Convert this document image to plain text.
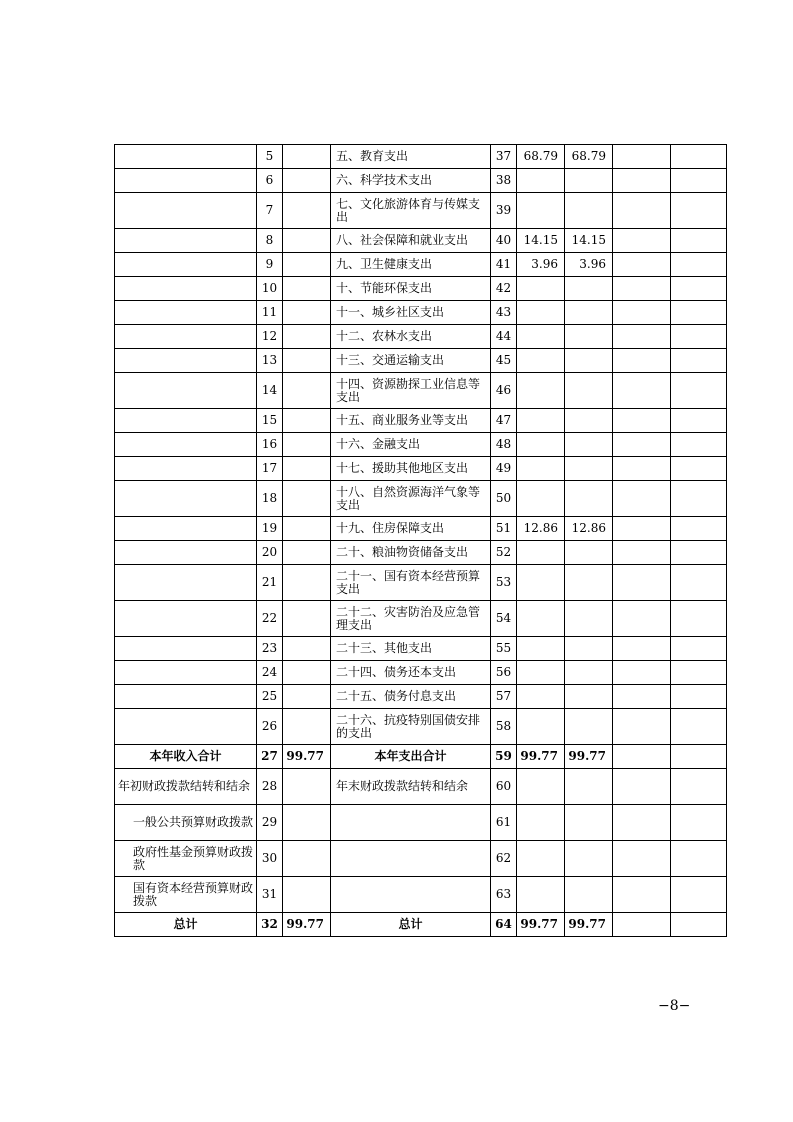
	5		五、教育支出	37	68.79	68.79		
	6		六、科学技术支出	38				
	7		七、文化旅游体育与传媒支出	39				
	8		八、社会保障和就业支出	40	14.15	14.15		
	9		九、卫生健康支出	41	3.96	3.96		
	10		十、节能环保支出	42				
	11		十一、城乡社区支出	43				
	12		十二、农林水支出	44				
	13		十三、交通运输支出	45				
	14		十四、资源勘探工业信息等支出	46				
	15		十五、商业服务业等支出	47				
	16		十六、金融支出	48				
	17		十七、援助其他地区支出	49				
	18		十八、自然资源海洋气象等支出	50				
	19		十九、住房保障支出	51	12.86	12.86		
	20		二十、粮油物资储备支出	52				
	21		二十一、国有资本经营预算支出	53				
	22		二十二、灾害防治及应急管理支出	54				
	23		二十三、其他支出	55				
	24		二十四、债务还本支出	56				
	25		二十五、债务付息支出	57				
	26		二十六、抗疫特别国债安排的支出	58				
本年收入合计	27	99.77	本年支出合计	59	99.77	99.77		
年初财政拨款结转和结余	28		年末财政拨款结转和结余	60				
一般公共预算财政拨款	29			61				
政府性基金预算财政拨款	30			62				
国有资本经营预算财政拨款	31			63				
总计	32	99.77	总计	64	99.77	99.77		
−8−
